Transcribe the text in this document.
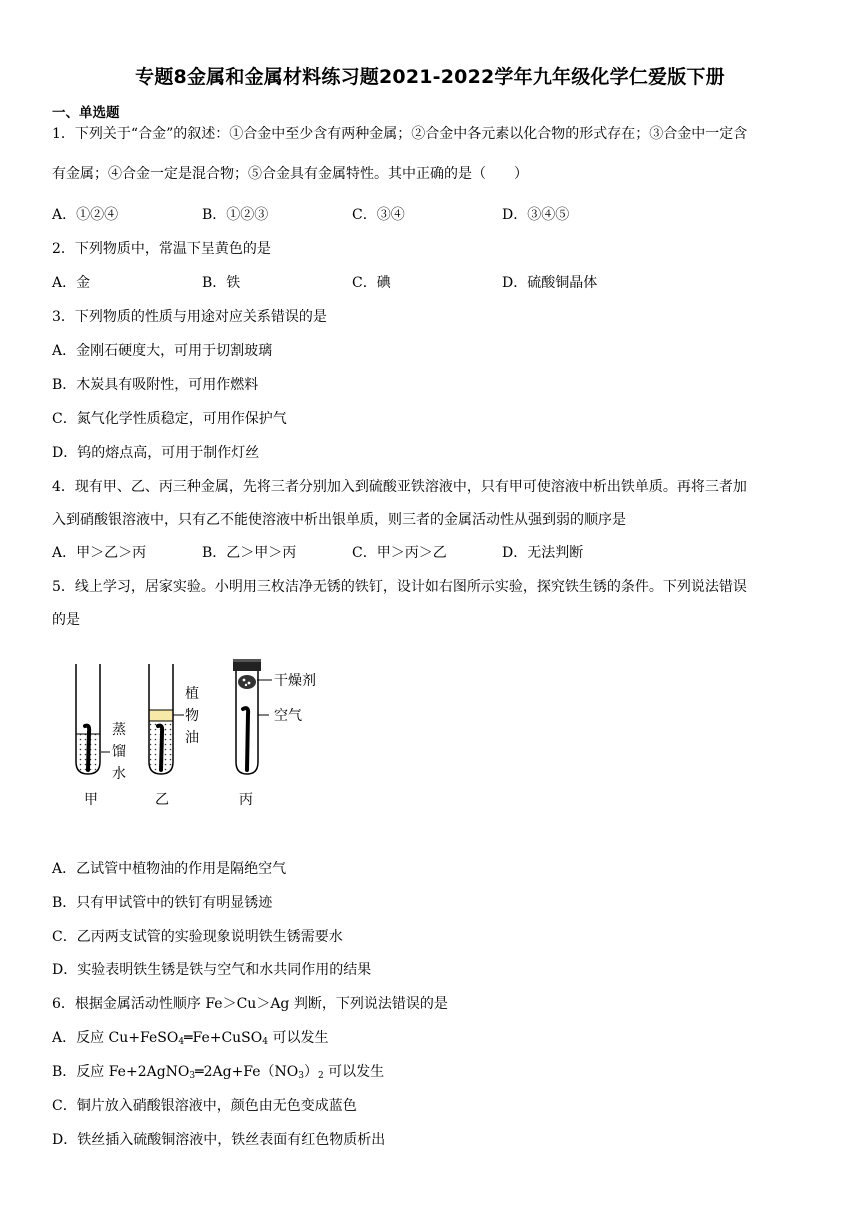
专题8金属和金属材料练习题2021-2022学年九年级化学仁爱版下册
一、单选题
1．下列关于“合金”的叙述：①合金中至少含有两种金属；②合金中各元素以化合物的形式存在；③合金中一定含
有金属；④合金一定是混合物；⑤合金具有金属特性。其中正确的是（　　）
A．①②④	B．①②③	C．③④	D．③④⑤
2．下列物质中，常温下呈黄色的是
A．金	B．铁	C．碘	D．硫酸铜晶体
3．下列物质的性质与用途对应关系错误的是
A．金刚石硬度大，可用于切割玻璃
B．木炭具有吸附性，可用作燃料
C．氮气化学性质稳定，可用作保护气
D．钨的熔点高，可用于制作灯丝
4．现有甲、乙、丙三种金属，先将三者分别加入到硫酸亚铁溶液中，只有甲可使溶液中析出铁单质。再将三者加
入到硝酸银溶液中，只有乙不能使溶液中析出银单质，则三者的金属活动性从强到弱的顺序是
A．甲＞乙＞丙	B．乙＞甲＞丙	C．甲＞丙＞乙	D．无法判断
5．线上学习，居家实验。小明用三枚洁净无锈的铁钉，设计如右图所示实验，探究铁生锈的条件。下列说法错误
的是
蒸
馏
水
甲
植
物
油
乙
干燥剂
空气
丙
A．乙试管中植物油的作用是隔绝空气
B．只有甲试管中的铁钉有明显锈迹
C．乙丙两支试管的实验现象说明铁生锈需要水
D．实验表明铁生锈是铁与空气和水共同作用的结果
6．根据金属活动性顺序 Fe＞Cu＞Ag 判断，下列说法错误的是
A．反应 Cu+FeSO$_4$═Fe+CuSO$_4$ 可以发生
B．反应 $Fe+2AgNO_3═2Ag+Fe(NO_3)_2$ 可以发生
C．铜片放入硝酸银溶液中，颜色由无色变成蓝色
D．铁丝插入硫酸铜溶液中，铁丝表面有红色物质析出
